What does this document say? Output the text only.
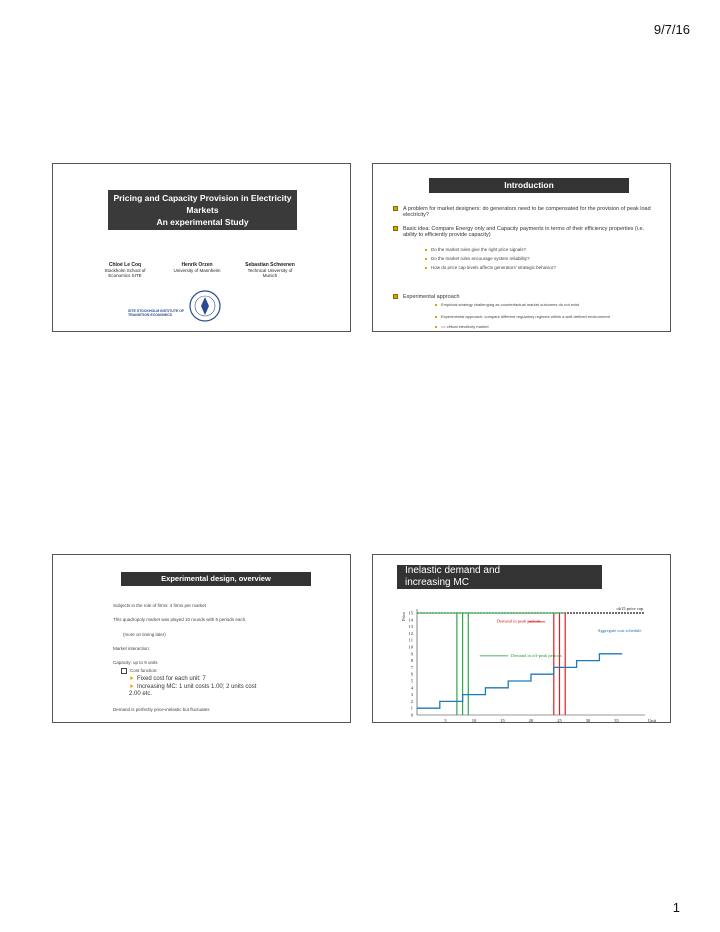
9/7/16
Pricing and Capacity Provision in Electricity
Markets
An experimental Study
Chloé Le Coq
Stockholm School of Economics SITE
Henrik Orzen
University of Mannheim
Sebastian Schwenen
Technical University of Munich
SITE STOCKHOLM INSTITUTE OF TRANSITION ECONOMICS
Introduction
A problem for market designers: do generators need to be compensated for the provision of peak load electricity?
Basic idea: Compare Energy only and Capacity payments in terms of their efficiency properties (i.e. ability to efficiently provide capacity)
Do the market rules give the right price signals?
Do the market rules encourage system reliability?
How do price cap levels affects generators' strategic behavior?
Experimental approach
Empirical strategy challenging as counterfactual market outcomes do not exist
Experimental approach: compare different regulatory regimes within a well-defined environment
=> virtual electricity market
Experimental design, overview
Subjects in the role of firms: 4 firms per market
This quadropoly market was played 10 rounds with 6 periods each.
(more on timing later)
Market interaction:
Capacity: up to 9 units
Cost function:
➤ Fixed cost for each unit: 7
➤ Increasing MC: 1 unit costs 1.00; 2 units cost 2.00 etc.
Demand is perfectly price-inelastic but fluctuates
Inelastic demand and
increasing MC
0
1
2
3
4
5
6
7
8
9
10
11
12
13
14
15
5	10	15	20	25	30	35	Unit
Price
ok15 price cap
Demand in peak periods
Aggregate cost schedule
Demand in off-peak periods
1
